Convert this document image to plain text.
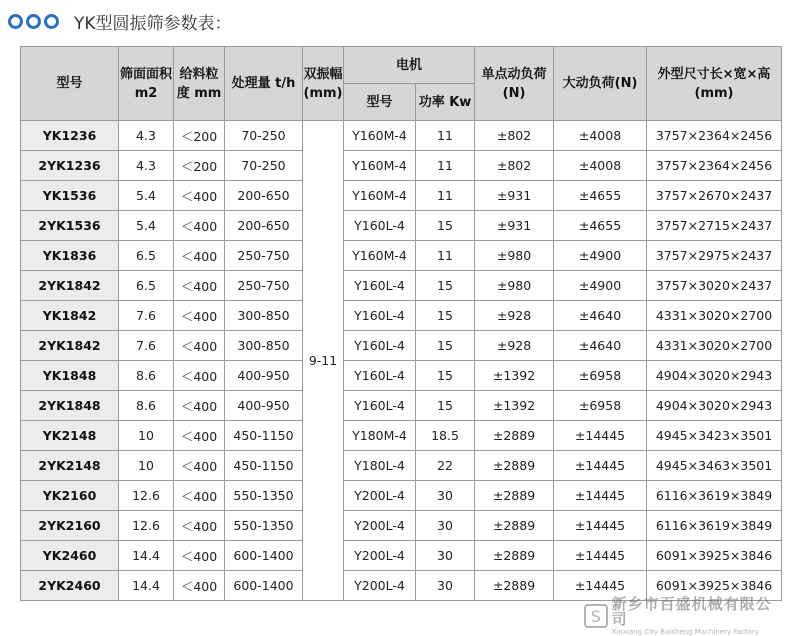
YK型圆振筛参数表：
型号	筛面面积 m2	给料粒度 mm	处理量 t/h	双振幅(mm)	电机		单点动负荷(N)	大动负荷(N)	外型尺寸长×宽×高(mm)
					型号	功率 Kw			
YK1236	4.3	＜200	70-250	9-11	Y160M-4	11	±802	±4008	3757×2364×2456
2YK1236	4.3	＜200	70-250		Y160M-4	11	±802	±4008	3757×2364×2456
YK1536	5.4	＜400	200-650		Y160M-4	11	±931	±4655	3757×2670×2437
2YK1536	5.4	＜400	200-650		Y160L-4	15	±931	±4655	3757×2715×2437
YK1836	6.5	＜400	250-750		Y160M-4	11	±980	±4900	3757×2975×2437
2YK1842	6.5	＜400	250-750		Y160L-4	15	±980	±4900	3757×3020×2437
YK1842	7.6	＜400	300-850		Y160L-4	15	±928	±4640	4331×3020×2700
2YK1842	7.6	＜400	300-850		Y160L-4	15	±928	±4640	4331×3020×2700
YK1848	8.6	＜400	400-950		Y160L-4	15	±1392	±6958	4904×3020×2943
2YK1848	8.6	＜400	400-950		Y160L-4	15	±1392	±6958	4904×3020×2943
YK2148	10	＜400	450-1150		Y180M-4	18.5	±2889	±14445	4945×3423×3501
2YK2148	10	＜400	450-1150		Y180L-4	22	±2889	±14445	4945×3463×3501
YK2160	12.6	＜400	550-1350		Y200L-4	30	±2889	±14445	6116×3619×3849
2YK2160	12.6	＜400	550-1350		Y200L-4	30	±2889	±14445	6116×3619×3849
YK2460	14.4	＜400	600-1400		Y200L-4	30	±2889	±14445	6091×3925×3846
2YK2460	14.4	＜400	600-1400		Y200L-4	30	±2889	±14445	6091×3925×3846
S
新乡市百盛机械有限公司
Xinxiang City Baisheng Machinery Factory
